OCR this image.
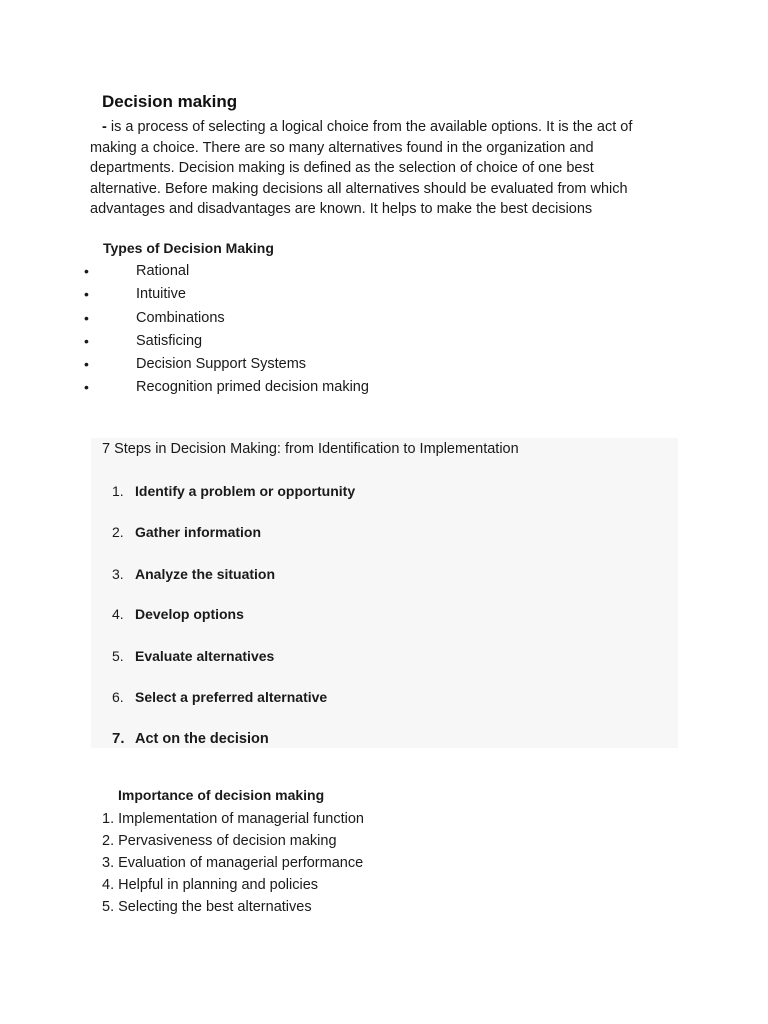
Decision making
- is a process of selecting a logical choice from the available options. It is the act of making a choice. There are so many alternatives found in the organization and departments. Decision making is defined as the selection of choice of one best alternative. Before making decisions all alternatives should be evaluated from which advantages and disadvantages are known. It helps to make the best decisions
Types of Decision Making
•	Rational
•	Intuitive
•	Combinations
•	Satisficing
•	Decision Support Systems
•	Recognition primed decision making
7 Steps in Decision Making: from Identification to Implementation
1. Identify a problem or opportunity
2. Gather information
3. Analyze the situation
4. Develop options
5. Evaluate alternatives
6. Select a preferred alternative
7. Act on the decision
Importance of decision making
1. Implementation of managerial function
2. Pervasiveness of decision making
3. Evaluation of managerial performance
4. Helpful in planning and policies
5. Selecting the best alternatives
